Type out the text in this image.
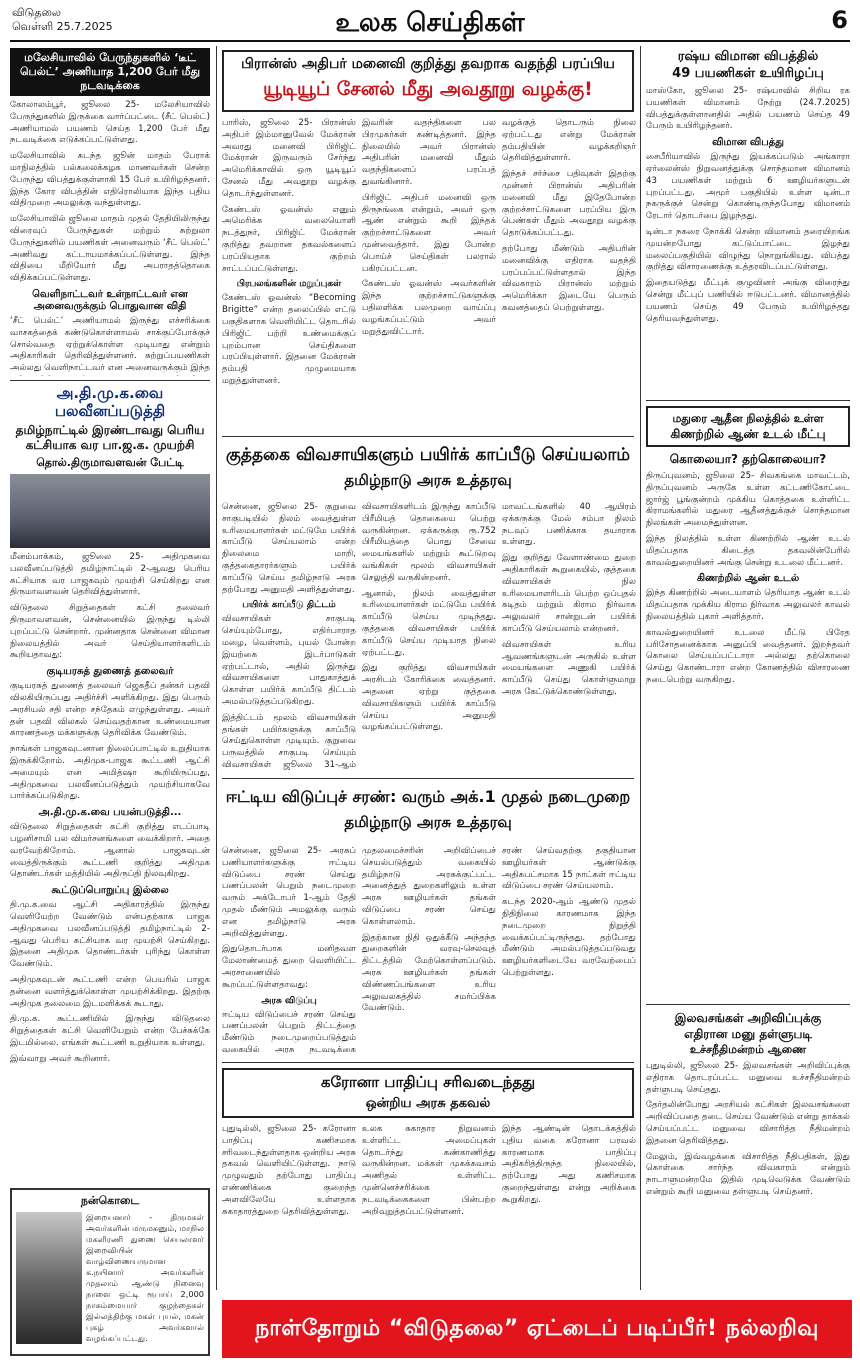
விடுதலை
வெள்ளி 25.7.2025	உலக செய்திகள்	6
மலேசியாவில் பேருந்துகளில் ‘டீட் பெல்ட்’ அணியாத 1,200 பேர் மீது நடவடிக்கை

கோலாலம்பூர், ஜூலை 25- மலேசியாவில் பேருந்துகளில் இருக்கை வார்ப்பட்டை (சீட் பெல்ட்) அணியாமல் பயணம் செய்த 1,200 பேர் மீது நடவடிக்கை எடுக்கப்பட்டுள்ளது.

மலேசியாவில் கடந்த ஜூன் மாதம் பேராக் மாநிலத்தில் பல்கலைக்கழக மாணவர்கள் சென்ற பேருந்து விபத்துக்குள்ளாகி 15 பேர் உயிரிழந்தனர். இந்த கோர விபத்தின் எதிரொலியாக இந்த புதிய விதிமுறை அமலுக்கு வந்துள்ளது.

மலேசியாவில் ஜூலை மாதம் முதல் தேதியிலிருந்து விரைவுப் பேருந்துகள் மற்றும் சுற்றுலா பேருந்துகளில் பயணிகள் அனைவரும் ‘சீட் பெல்ட்’ அணிவது கட்டாயமாக்கப்பட்டுள்ளது. இந்த விதியை மீறியோர் மீது அபராதத்தொகை விதிக்கப்பட்டுள்ளது.

வெளிநாட்டவர் உள்நாட்டவர் என அனைவருக்கும் பொதுவான விதி

‘சீட் பெல்ட்’ அணியாமல் இருந்து எச்சரிக்கை வாசகத்தைக் கண்டுகொள்ளாமல் சாக்குப்போக்குச் சொல்வதை ஏற்றுக்கொள்ள முடியாது என்றும் அதிகாரிகள் தெரிவித்துள்ளனர். சுற்றுப்பயணிகள் அல்லது வெளிநாட்டவர் என அனைவருக்கும் இந்த

அ.தி.மு.க.வை பலவீனப்படுத்தி
தமிழ்நாட்டில் இரண்டாவது பெரிய கட்சியாக வர பா.ஜ.க. முயற்சி
தொல்.திருமாவளவன் பேட்டி

மீனம்பாக்கம், ஜூலை 25- அதிமுகவை பலவீனப்படுத்தி தமிழ்நாட்டில் 2-ஆவது பெரிய கட்சியாக வர பாஜகவும் முயற்சி செய்கிறது என திருமாவளவன் தெரிவித்துள்ளார்.

விடுதலை சிறுத்தைகள் கட்சி தலைவர் திருமாவளவன், சென்னையில் இருந்து டில்லி புறப்பட்டு சென்றார். முன்னதாக சென்னை விமான நிலையத்தில் அவர் செய்தியாளர்களிடம் கூறியதாவது:

குடியரசுத் துணைத் தலைவர்

குடியரசுத் துணைத் தலைவர் ஜெகதீப் தன்கர் பதவி விலகியிருப்பது அதிர்ச்சி அளிக்கிறது. இது பெரும் அரசியல் சதி என்ற சந்தேகம் எழுந்துள்ளது. அவர் தன் பதவி விலகல் செய்வதற்கான உண்மையான காரணத்தை மக்களுக்கு தெரிவிக்க வேண்டும்.

நாங்கள் பாஜகவுடனான நிலைப்பாட்டில் உறுதியாக இருக்கிறோம். அதிமுக-பாஜக கூட்டணி ஆட்சி அமையும் என அமித்ஷா கூறியிருப்பது, அதிமுகவை பலவீனப்படுத்தும் முயற்சியாகவே பார்க்கப்படுகிறது.

அ.தி.மு.க.வை பயன்படுத்தி...

விடுதலை சிறுத்தைகள் கட்சி குறித்து எடப்பாடி பழனிசாமி பல விமர்சனங்களை வைக்கிறார். அதை வரவேற்கிறோம். ஆனால் பாஜகவுடன் வைத்திருக்கும் கூட்டணி குறித்து அதிமுக தொண்டர்கள் மத்தியில் அதிருப்தி நிலவுகிறது.

கூட்டுப்பொறுப்பு இல்லை

தி.மு.க.வை ஆட்சி அதிகாரத்தில் இருந்து வெளியேற்ற வேண்டும் என்பதற்காக பாஜக அதிமுகவை பலவீனப்படுத்தி தமிழ்நாட்டில் 2-ஆவது பெரிய கட்சியாக வர முயற்சி செய்கிறது. இதனை அதிமுக தொண்டர்கள் புரிந்து கொள்ள வேண்டும்.

அதிமுகவுடன் கூட்டணி என்ற பெயரில் பாஜக தன்னை வளர்த்துக்கொள்ள முயற்சிக்கிறது. இதற்கு அதிமுக தலைமை இடமளிக்கக் கூடாது.

தி.மு.க. கூட்டணியில் இருந்து விடுதலை சிறுத்தைகள் கட்சி வெளியேறும் என்ற பேச்சுக்கே இடமில்லை. எங்கள் கூட்டணி உறுதியாக உள்ளது.

இவ்வாறு அவர் கூறினார்.

நன்கொடை
இறையனார் - திருமகள் அவர்களின் மருமகனும், மாநில மகளிரணி துணை செயலாளர் இறைவியின் வாழ்விணையருமான க.நயினார் அவர்களின் முதலாம் ஆண்டு நினைவு நாளை ஒட்டி ரூபாய் 2,000 நாகம்மையார் குழந்தைகள் இல்லத்திற்கு மகள் புயல், மகன் புகழ் அவர்களால் வழங்கப்பட்டது.
பிரான்ஸ் அதிபர் மனைவி குறித்து தவறாக வதந்தி பரப்பிய
யூடியூப் சேனல் மீது அவதூறு வழக்கு!

பாரிஸ், ஜூலை 25- பிரான்ஸ் அதிபர் இம்மானுவேல் மேக்ரான் அவரது மனைவி பிரிஜிட் மேக்ரான் இருவரும் சேர்ந்து அமெரிக்காவில் ஒரு யூடியூப் சேனல் மீது அவதூறு வழக்கு தொடர்ந்துள்ளனர்.

கேண்டஸ் ஓவன்ஸ் எனும் அமெரிக்க வலையொளி நடத்துநர், பிரிஜிட் மேக்ரான் குறித்து தவறான தகவல்களைப் பரப்பியதாக குற்றம் சாட்டப்பட்டுள்ளது.

பிரபலங்களின் மறுப்புகள்

கேண்டஸ் ஓவன்ஸ் “Becoming Brigitte” என்ற தலைப்பில் எட்டு பகுதிகளாக வெளியிட்ட தொடரில் பிரிஜிட் பற்றி உண்மைக்குப் புறம்பான செய்திகளை பரப்பியுள்ளார். இதனை மேக்ரான் தம்பதி முழுமையாக மறுத்துள்ளனர்.

இவரின் வதந்திகளை பல பிரமுகர்கள் கண்டித்தனர். இந்த நிலையில் அவர் பிரான்ஸ் அதிபரின் மனைவி மீதும் வதந்திகளைப் பரப்பத் துவங்கினார்.

பிரிஜிட் அதிபர் மனைவி ஒரு திருநங்கை என்றும், அவர் ஒரு ஆண் என்றும் கூறி இந்தக் குற்றச்சாட்டுகளை அவர் முன்வைத்தார். இது போன்ற பொய்ச் செய்திகள் பலரால் பகிரப்பட்டன.

கேண்டஸ் ஓவன்ஸ் அவர்களின் இந்த குற்றச்சாட்டுகளுக்கு பதிலளிக்க பலமுறை வாய்ப்பு வழங்கப்பட்டும் அவர் மறுத்துவிட்டார்.

வழக்குத் தொடரும் நிலை ஏற்பட்டது என்று மேக்ரான் தம்பதியின் வழக்கறிஞர் தெரிவித்துள்ளார்.

இந்தச் சர்ச்சை பதிவுகள் இதற்கு முன்னர் பிரான்ஸ் அதிபரின் மனைவி மீது இதேபோன்ற குற்றச்சாட்டுகளை பரப்பிய இரு பெண்கள் மீதும் அவதூறு வழக்கு தொடுக்கப்பட்டது.

தற்போது மீண்டும் அதிபரின் மனைவிக்கு எதிராக வதந்தி பரப்பப்பட்டுள்ளதால் இந்த விவகாரம் பிரான்ஸ் மற்றும் அமெரிக்கா இடையே பெரும் கவனத்தைப் பெற்றுள்ளது.

குத்தகை விவசாயிகளும் பயிர்க் காப்பீடு செய்யலாம்
தமிழ்நாடு அரசு உத்தரவு

சென்னை, ஜூலை 25- குறுவை சாகுபடியில் நிலம் வைத்துள்ள உரிமையாளர்கள் மட்டுமே பயிர்க் காப்பீடு செய்யலாம் என்ற நிலைமை மாறி, குத்தகைதாரர்களும் பயிர்க் காப்பீடு செய்ய தமிழ்நாடு அரசு தற்போது அனுமதி அளித்துள்ளது.

பயிர்க் காப்பீடு திட்டம்

விவசாயிகள் சாகுபடி செய்யும்போது, எதிர்பாராத மழை, வெள்ளம், புயல் போன்ற இயற்கை இடர்பாடுகள் ஏற்பட்டால், அதில் இருந்து விவசாயிகளை பாதுகாத்துக் கொள்ள பயிர்க் காப்பீடு திட்டம் அமல்படுத்தப்படுகிறது.

இத்திட்டம் மூலம் விவசாயிகள் தங்கள் பயிர்களுக்கு காப்பீடு செய்துகொள்ள முடியும். குறுவை பருவத்தில் சாகுபடி செய்யும் விவசாயிகள் ஜூலை 31-ஆம்

விவசாயிகளிடம் இருந்து காப்பீடு பிரீமியத் தொகையை பெற்று வருகின்றன. ஏக்கருக்கு ரூ.752 பிரீமியத்தை பொது சேவை மையங்களில் மற்றும் கூட்டுறவு வங்கிகள் மூலம் விவசாயிகள் செலுத்தி வருகின்றனர்.

ஆனால், நிலம் வைத்துள்ள உரிமையாளர்கள் மட்டுமே பயிர்க் காப்பீடு செய்ய முடிந்தது. குத்தகை விவசாயிகள் பயிர்க் காப்பீடு செய்ய முடியாத நிலை ஏற்பட்டது.

இது குறித்து விவசாயிகள் அரசிடம் கோரிக்கை வைத்தனர். அதனை ஏற்று குத்தகை விவசாயிகளும் பயிர்க் காப்பீடு செய்ய அனுமதி வழங்கப்பட்டுள்ளது.

மாவட்டங்களில் 40 ஆயிரம் ஏக்கருக்கு மேல் சம்பா நிலம் நடவுப் பணிக்காக தயாராக உள்ளது.

இது குறித்து வேளாண்மை துறை அதிகாரிகள் கூறுகையில், குத்தகை விவசாயிகள் நில உரிமையாளரிடம் பெற்ற ஒப்புதல் கடிதம் மற்றும் கிராம நிர்வாக அலுவலர் சான்றுடன் பயிர்க் காப்பீடு செய்யலாம் என்றனர்.

விவசாயிகள் உரிய ஆவணங்களுடன் அருகில் உள்ள மையங்களை அணுகி பயிர்க் காப்பீடு செய்து கொள்ளுமாறு அரசு கேட்டுக்கொண்டுள்ளது.

ஈட்டிய விடுப்புச் சரண்: வரும் அக்.1 முதல் நடைமுறை
தமிழ்நாடு அரசு உத்தரவு

சென்னை, ஜூலை 25- அரசுப் பணியாளர்களுக்கு ஈட்டிய விடுப்பை சரண் செய்து பணப்பலன் பெறும் நடைமுறை வரும் அக்டோபர் 1-ஆம் தேதி முதல் மீண்டும் அமலுக்கு வரும் என தமிழ்நாடு அரசு அறிவித்துள்ளது.

இதுதொடர்பாக மனிதவள மேலாண்மைத் துறை வெளியிட்ட அரசாணையில் கூறப்பட்டுள்ளதாவது:

அரசு விடுப்பு

ஈட்டிய விடுப்பைச் சரண் செய்து பணப்பலன் பெறும் திட்டத்தை மீண்டும் நடைமுறைப்படுத்தும் வகையில் அரசு நடவடிக்கை

முதலமைச்சரின் அறிவிப்பைச் செயல்படுத்தும் வகையில் தமிழ்நாடு அரசுக்குட்பட்ட அனைத்துத் துறைகளிலும் உள்ள அரசு ஊழியர்கள் தங்கள் விடுப்பை சரண் செய்து கொள்ளலாம்.

இதற்கான நிதி ஒதுக்கீடு அந்தந்த துறைகளின் வரவு-செலவுத் திட்டத்தில் மேற்கொள்ளப்படும். அரசு ஊழியர்கள் தங்கள் விண்ணப்பங்களை உரிய அலுவலகத்தில் சமர்ப்பிக்க வேண்டும்.

சரண் செய்வதற்கு தகுதியான ஊழியர்கள் ஆண்டுக்கு அதிகபட்சமாக 15 நாட்கள் ஈட்டிய விடுப்பை சரண் செய்யலாம்.

கடந்த 2020-ஆம் ஆண்டு முதல் நிதிநிலை காரணமாக இந்த நடைமுறை நிறுத்தி வைக்கப்பட்டிருந்தது. தற்போது மீண்டும் அமல்படுத்தப்படுவது ஊழியர்களிடையே வரவேற்பைப் பெற்றுள்ளது.

கரோனா பாதிப்பு சரிவடைந்தது
ஒன்றிய அரசு தகவல்

புதுடில்லி, ஜூலை 25- கரோனா பாதிப்பு கணிசமாக சரிவடைந்துள்ளதாக ஒன்றிய அரசு தகவல் வெளியிட்டுள்ளது. நாடு முழுவதும் தற்போது பாதிப்பு எண்ணிக்கை குறைந்த அளவிலேயே உள்ளதாக சுகாதாரத்துறை தெரிவித்துள்ளது.

உலக சுகாதார நிறுவனம் உள்ளிட்ட அமைப்புகள் தொடர்ந்து கண்காணித்து வருகின்றன. மக்கள் முகக்கவசம் அணிதல் உள்ளிட்ட முன்னெச்சரிக்கை நடவடிக்கைகளை பின்பற்ற அறிவுறுத்தப்பட்டுள்ளனர்.

இந்த ஆண்டின் தொடக்கத்தில் புதிய வகை கரோனா பரவல் காரணமாக பாதிப்பு அதிகரித்திருந்த நிலையில், தற்போது அது கணிசமாக குறைந்துள்ளது என்று அறிக்கை கூறுகிறது.

ரஷ்ய விமான விபத்தில்
49 பயணிகள் உயிரிழப்பு

மாஸ்கோ, ஜூலை 25- ரஷ்யாவில் சிறிய ரக பயணிகள் விமானம் நேற்று (24.7.2025) விபத்துக்குள்ளானதில் அதில் பயணம் செய்த 49 பேரும் உயிரிழந்தனர்.

விமான விபத்து

சைபீரியாவில் இருந்து இயக்கப்படும் அங்காரா ஏர்லைன்ஸ் நிறுவனத்துக்கு சொந்தமான விமானம் 43 பயணிகள் மற்றும் 6 ஊழியர்களுடன் புறப்பட்டது. அமூர் பகுதியில் உள்ள டின்டா நகருக்குச் சென்று கொண்டிருந்தபோது விமானம் ரேடார் தொடர்பை இழந்தது.

டின்டா நகரை நோக்கி சென்ற விமானம் தரையிறங்க முயன்றபோது கட்டுப்பாட்டை இழந்து மலைப்பகுதியில் விழுந்து நொறுங்கியது. விபத்து குறித்து விசாரணைக்கு உத்தரவிடப்பட்டுள்ளது.

இதையடுத்து மீட்புக் குழுவினர் அங்கு விரைந்து சென்று மீட்புப் பணியில் ஈடுபட்டனர். விமானத்தில் பயணம் செய்த 49 பேரும் உயிரிழந்தது தெரியவந்துள்ளது.

மதுரை ஆதீன நிலத்தில் உள்ள
கிணற்றில் ஆண் உடல் மீட்பு
கொலையா? தற்கொலையா?

திருப்புவனம், ஜூலை 25- சிவகங்கை மாவட்டம், திருப்புவனம் அருகே உள்ள கட்டணிகோட்டை ஜார்ஜ் பூங்குன்றம் முக்கிய கொத்தகை உள்ளிட்ட கிராமங்களில் மதுரை ஆதீனத்துக்குச் சொந்தமான நிலங்கள் அமைந்துள்ளன.

இந்த நிலத்தில் உள்ள கிணற்றில் ஆண் உடல் மிதப்பதாக கிடைத்த தகவலின்பேரில் காவல்துறையினர் அங்கு சென்று உடலை மீட்டனர்.

கிணற்றில் ஆண் உடல்

இந்த கிணற்றில் அடையாளம் தெரியாத ஆண் உடல் மிதப்பதாக முக்கிய கிராம நிர்வாக அலுவலர் காவல் நிலையத்தில் புகார் அளித்தார்.

காவல்துறையினர் உடலை மீட்டு பிரேத பரிசோதனைக்காக அனுப்பி வைத்தனர். இறந்தவர் கொலை செய்யப்பட்டாரா அல்லது தற்கொலை செய்து கொண்டாரா என்ற கோணத்தில் விசாரணை நடைபெற்று வருகிறது.

இலவசங்கள் அறிவிப்புக்கு
எதிரான மனு தள்ளுபடி
உச்சநீதிமன்றம் ஆணை

புதுடில்லி, ஜூலை 25- இலவசங்கள் அறிவிப்புக்கு எதிராக தொடரப்பட்ட மனுவை உச்சநீதிமன்றம் தள்ளுபடி செய்தது.

தேர்தலின்போது அரசியல் கட்சிகள் இலவசங்களை அறிவிப்பதை தடை செய்ய வேண்டும் என்று தாக்கல் செய்யப்பட்ட மனுவை விசாரித்த நீதிமன்றம் இதனை தெரிவித்தது.

மேலும், இவ்வழக்கை விசாரித்த நீதிபதிகள், இது கொள்கை சார்ந்த விவகாரம் என்றும் நாடாளுமன்றமே இதில் முடிவெடுக்க வேண்டும் என்றும் கூறி மனுவை தள்ளுபடி செய்தனர்.

நாள்தோறும் “விடுதலை” ஏட்டைப் படிப்பீர்! நல்லறிவு
